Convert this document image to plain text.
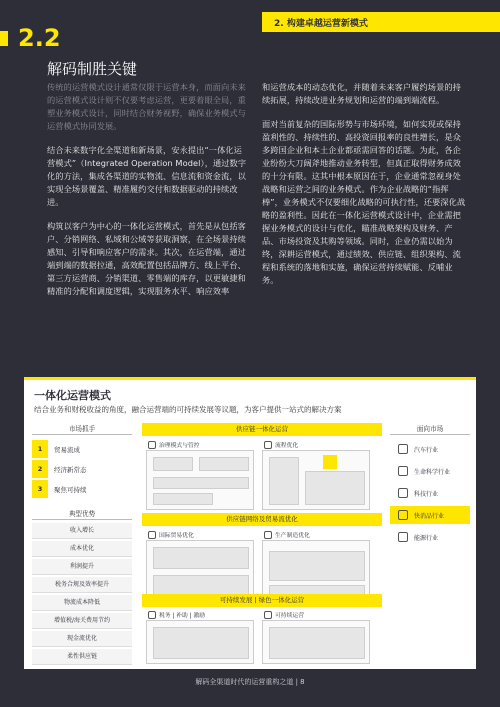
2. 构建卓越运营新模式
2.2
解码制胜关键

传统的运营模式设计通常仅限于运营本身，而面向未来的运营模式设计则不仅要考虑运营，更要着眼全局，重塑业务模式设计，同时结合财务视野，确保业务模式与运营模式协同发展。

结合未来数字化全渠道和新场景，安永提出“一体化运营模式”（Integrated Operation Model），通过数字化的方法，集成各渠道的实物流、信息流和资金流，以实现全场景覆盖、精准履约交付和数据驱动的持续改进。

构筑以客户为中心的一体化运营模式，首先是从包括客户、分销网络、私域和公域等获取洞察，在全场景持续感知、引导和响应客户的需求。其次，在运营端，通过端到端的数据拉通，高效配置包括品牌方、线上平台、第三方运营商、分销渠道、零售端的库存，以更敏捷和精准的分配和调度逻辑，实现服务水平、响应效率

和运营成本的动态优化，并随着未来客户履约场景的持续拓展，持续改进业务规划和运营的端到端流程。

面对当前复杂的国际形势与市场环境，如何实现或保持盈利性的、持续性的、高投资回报率的良性增长，是众多跨国企业和本土企业都亟需回答的话题。为此，各企业纷纷大刀阔斧地推动业务转型，但真正取得财务成效的十分有限。这其中根本原因在于，企业通常忽视身处战略和运营之间的业务模式。作为企业战略的“指挥棒”，业务模式不仅要细化战略的可执行性，还要深化战略的盈利性。因此在一体化运营模式设计中，企业需把握业务模式的设计与优化，瞄准战略架构及财务、产品、市场投资及其购等领域。同时，企业仍需以始为终，深耕运营模式，通过绩效、供应链、组织架构、流程和系统的落地和实施，确保运营持续赋能、反哺业务。

一体化运营模式
结合业务和财税收益的角度，融合运营端的可持续发展等议题，为客户提供一站式的解决方案
市场抓手
1	贸易流成
2	经济新常态
3	聚焦可持续
典型优势
收入增长
成本优化
利润提升
税务合规及效率提升
物流成本降低
增值税/海关费用节约
现金流优化
柔性供应链
供应链一体化运营
治理模式与管控	流程优化
供应链网络及贸易流优化
国际贸易优化	生产制造优化
可持续发展 | 绿色一体化运营
税务 | 补助 | 激励	可持续运营
面向市场
汽车行业
生命科学行业
科技行业
快消品行业
能源行业
解码全渠道时代的运营重构之道 | 8
